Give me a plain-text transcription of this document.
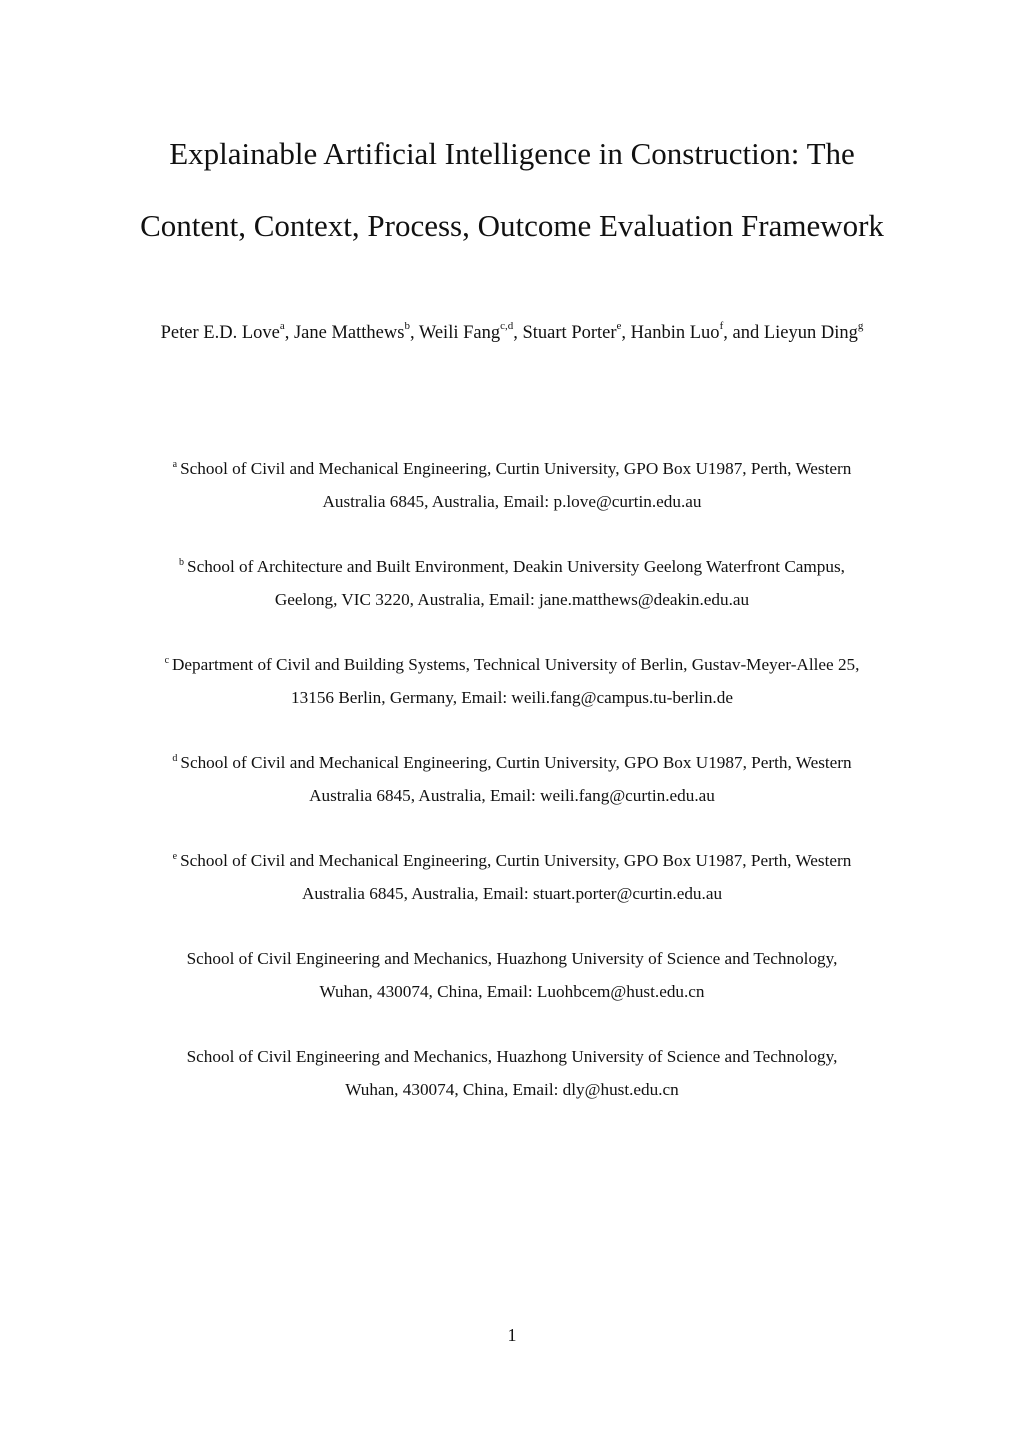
Explainable Artificial Intelligence in Construction: The
Content, Context, Process, Outcome Evaluation Framework
Peter E.D. Love$^a$, Jane Matthews$^b$, Weili Fang$^{c,d}$, Stuart Porter$^e$, Hanbin Luo$^f$, and Lieyun Ding$^g$
$^a$ School of Civil and Mechanical Engineering, Curtin University, GPO Box U1987, Perth, Western
Australia 6845, Australia, Email: p.love@curtin.edu.au
$^b$ School of Architecture and Built Environment, Deakin University Geelong Waterfront Campus,
Geelong, VIC 3220, Australia, Email: jane.matthews@deakin.edu.au
$^c$ Department of Civil and Building Systems, Technical University of Berlin, Gustav-Meyer-Allee 25,
13156 Berlin, Germany, Email: weili.fang@campus.tu-berlin.de
$^d$ School of Civil and Mechanical Engineering, Curtin University, GPO Box U1987, Perth, Western
Australia 6845, Australia, Email: weili.fang@curtin.edu.au
$^e$ School of Civil and Mechanical Engineering, Curtin University, GPO Box U1987, Perth, Western
Australia 6845, Australia, Email: stuart.porter@curtin.edu.au
School of Civil Engineering and Mechanics, Huazhong University of Science and Technology,
Wuhan, 430074, China, Email: Luohbcem@hust.edu.cn
School of Civil Engineering and Mechanics, Huazhong University of Science and Technology,
Wuhan, 430074, China, Email: dly@hust.edu.cn
1
